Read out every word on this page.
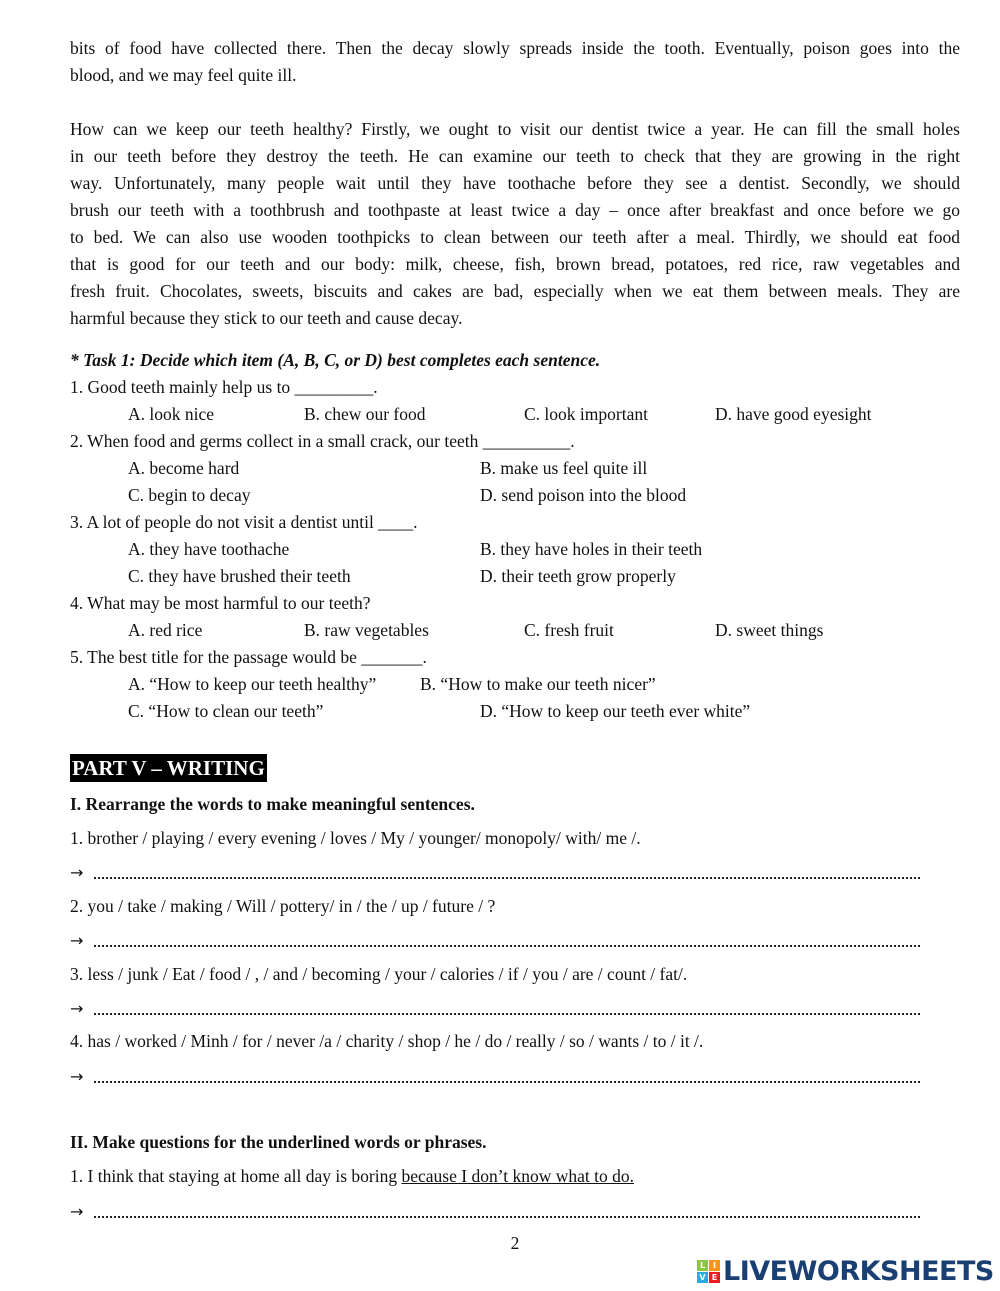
bits of food have collected there. Then the decay slowly spreads inside the tooth. Eventually, poison goes into the
blood, and we may feel quite ill.
How can we keep our teeth healthy? Firstly, we ought to visit our dentist twice a year. He can fill the small holes
in our teeth before they destroy the teeth. He can examine our teeth to check that they are growing in the right
way. Unfortunately, many people wait until they have toothache before they see a dentist. Secondly, we should
brush our teeth with a toothbrush and toothpaste at least twice a day – once after breakfast and once before we go
to bed. We can also use wooden toothpicks to clean between our teeth after a meal. Thirdly, we should eat food
that is good for our teeth and our body: milk, cheese, fish, brown bread, potatoes, red rice, raw vegetables and
fresh fruit. Chocolates, sweets, biscuits and cakes are bad, especially when we eat them between meals. They are
harmful because they stick to our teeth and cause decay.
* Task 1: Decide which item (A, B, C, or D) best completes each sentence.
1. Good teeth mainly help us to _________.
A. look nice	B. chew our food	C. look important	D. have good eyesight
2. When food and germs collect in a small crack, our teeth __________.
A. become hard	B. make us feel quite ill
C. begin to decay	D. send poison into the blood
3. A lot of people do not visit a dentist until ____.
A. they have toothache	B. they have holes in their teeth
C. they have brushed their teeth	D. their teeth grow properly
4. What may be most harmful to our teeth?
A. red rice	B. raw vegetables	C. fresh fruit	D. sweet things
5. The best title for the passage would be _______.
A. “How to keep our teeth healthy” B. “How to make our teeth nicer”
C. “How to clean our teeth”	D. “How to keep our teeth ever white”
PART V – WRITING
I. Rearrange the words to make meaningful sentences.
1. brother / playing / every evening / loves / My / younger/ monopoly/ with/ me /.
→
2. you / take / making / Will / pottery/ in / the / up / future / ?
→
3. less / junk / Eat / food / , / and / becoming / your / calories / if / you / are / count / fat/.
→
4. has / worked / Minh / for / never /a / charity / shop / he / do / really / so / wants / to / it /.
→
II. Make questions for the underlined words or phrases.
1. I think that staying at home all day is boring because I don’t know what to do.
→
2
L I
V E LIVEWORKSHEETS
